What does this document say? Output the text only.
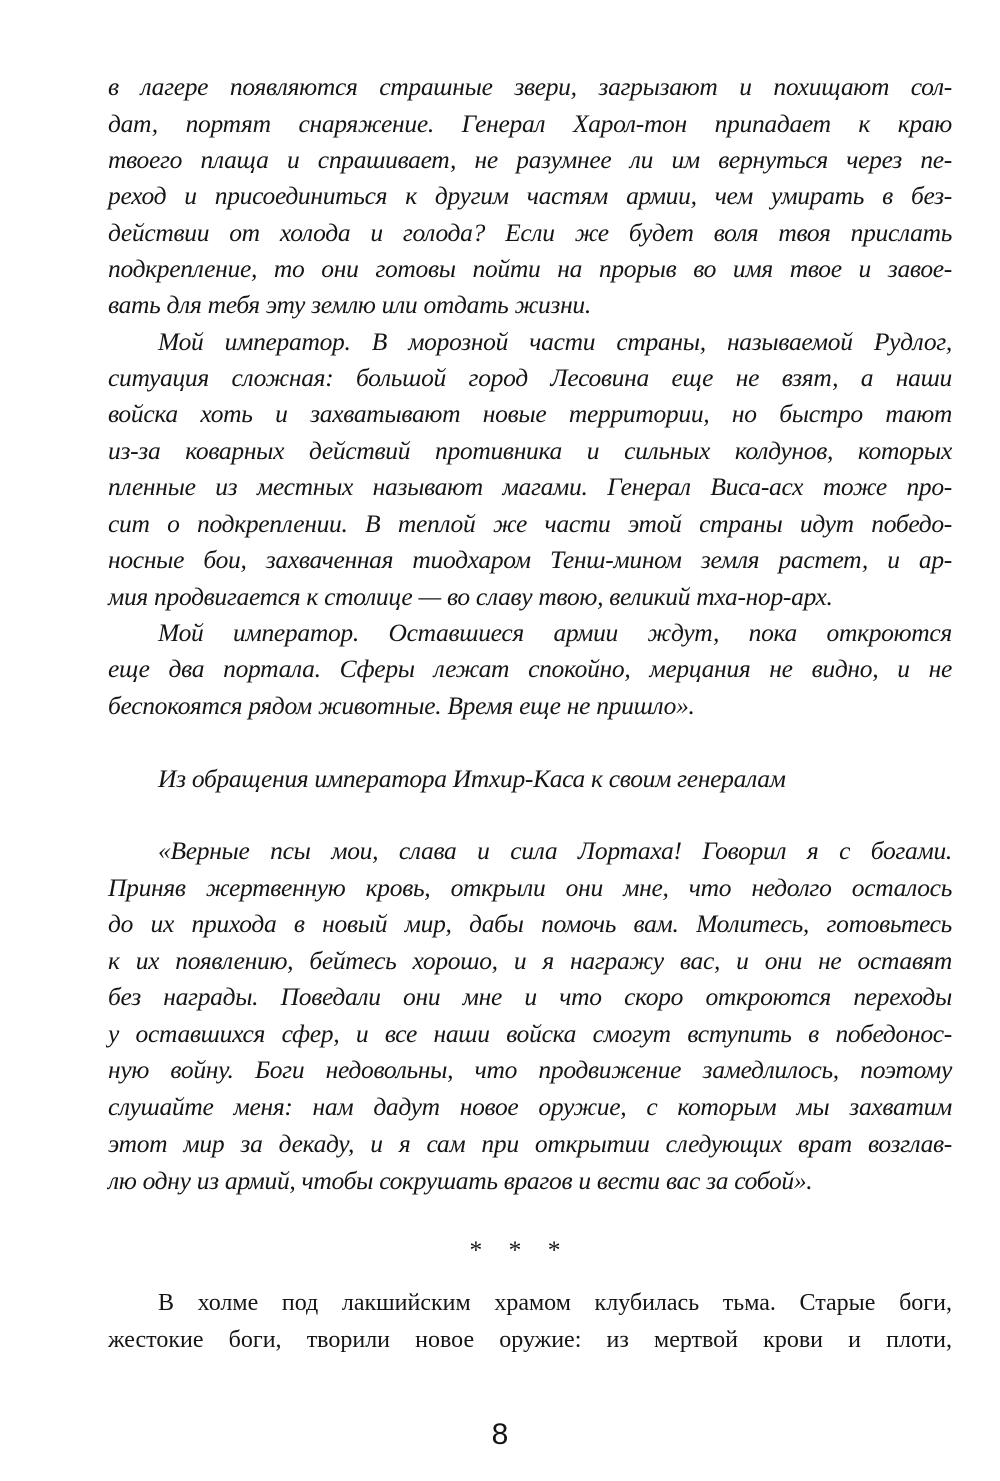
в лагере появляются страшные звери, загрызают и похищают сол-
дат, портят снаряжение. Генерал Харол-тон припадает к краю
твоего плаща и спрашивает, не разумнее ли им вернуться через пе-
реход и присоединиться к другим частям армии, чем умирать в без-
действии от холода и голода? Если же будет воля твоя прислать
подкрепление, то они готовы пойти на прорыв во имя твое и завое-
вать для тебя эту землю или отдать жизни.
Мой император. В морозной части страны, называемой Рудлог,
ситуация сложная: большой город Лесовина еще не взят, а наши
войска хоть и захватывают новые территории, но быстро тают
из-за коварных действий противника и сильных колдунов, которых
пленные из местных называют магами. Генерал Виса-асх тоже про-
сит о подкреплении. В теплой же части этой страны идут победо-
носные бои, захваченная тиодхаром Тенш-мином земля растет, и ар-
мия продвигается к столице — во славу твою, великий тха-нор-арх.
Мой император. Оставшиеся армии ждут, пока откроются
еще два портала. Сферы лежат спокойно, мерцания не видно, и не
беспокоятся рядом животные. Время еще не пришло».
Из обращения императора Итхир-Каса к своим генералам
«Верные псы мои, слава и сила Лортаха! Говорил я с богами.
Приняв жертвенную кровь, открыли они мне, что недолго осталось
до их прихода в новый мир, дабы помочь вам. Молитесь, готовьтесь
к их появлению, бейтесь хорошо, и я награжу вас, и они не оставят
без награды. Поведали они мне и что скоро откроются переходы
у оставшихся сфер, и все наши войска смогут вступить в победонос-
ную войну. Боги недовольны, что продвижение замедлилось, поэтому
слушайте меня: нам дадут новое оружие, с которым мы захватим
этот мир за декаду, и я сам при открытии следующих врат возглав-
лю одну из армий, чтобы сокрушать врагов и вести вас за собой».
* * *
В холме под лакшийским храмом клубилась тьма. Старые боги,
жестокие боги, творили новое оружие: из мертвой крови и плоти,
8
